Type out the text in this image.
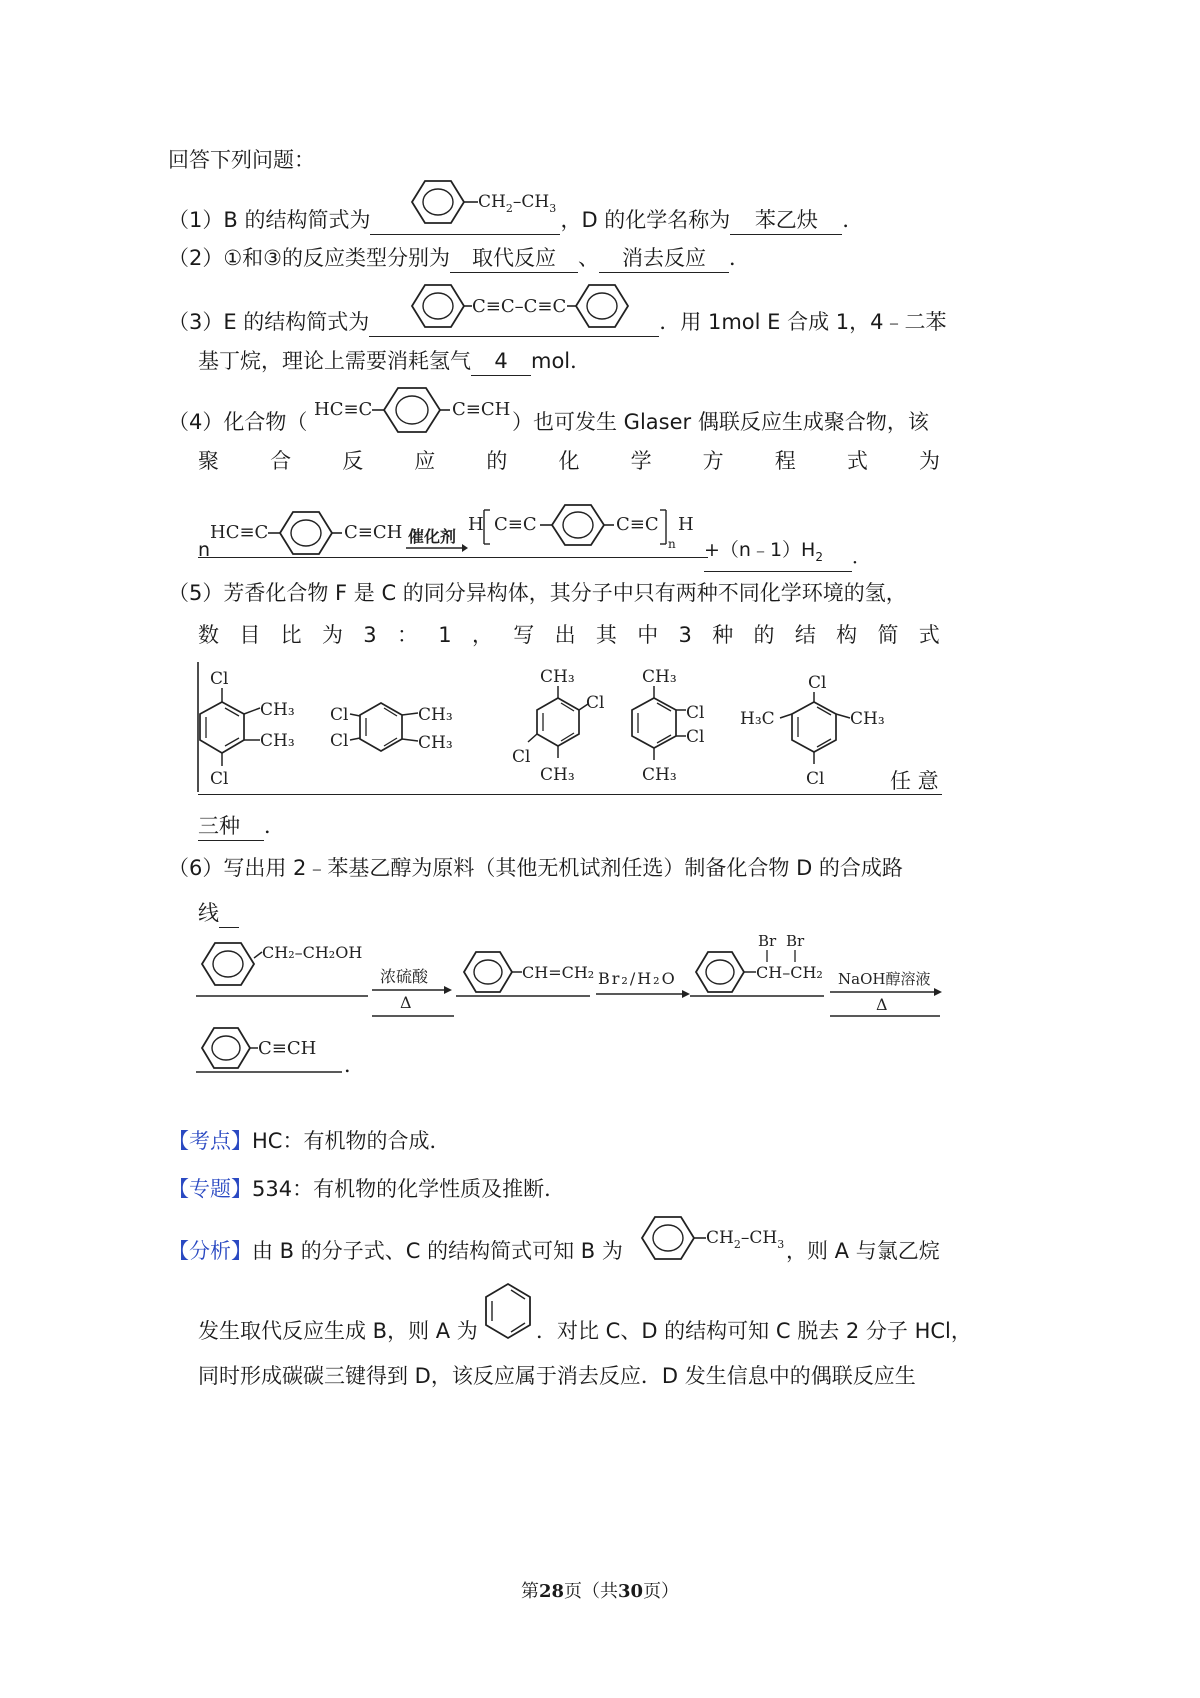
回答下列问题：
（1）B 的结构简式为	，D 的化学名称为 苯乙炔 ．
$CH_2-CH_3$
（2）①和③的反应类型分别为 取代反应 、 消去反应 ．
（3）E 的结构简式为	．用 1mol E 合成 1，4﹣二苯
C≡C–C≡C
基丁烷，理论上需要消耗氢气 4 mol．
（4）化合物（
HC≡C	C≡CH
）也可发生 Glaser 偶联反应生成聚合物，该
聚 合 反 应 的 化 学 方 程 式 为
n
HC≡C	C≡CH 催化剂
H C≡C	C≡C
n
H
$+(n﹣1)H_2$ ．
（5）芳香化合物 F 是 C 的同分异构体，其分子中只有两种不同化学环境的氢，
数 目 比 为 3 ： 1 ， 写 出 其 中 3 种 的 结 构 简 式
Cl
CH₃
CH₃
Cl
Cl
Cl
CH₃
CH₃
CH₃
Cl
Cl
CH₃
CH₃
Cl
Cl
CH₃
Cl
H₃C	CH₃
Cl	任 意
三种 ．
（6）写出用 2﹣苯基乙醇为原料（其他无机试剂任选）制备化合物 D 的合成路
线
CH₂–CH₂OH
浓硫酸
Δ
CH=CH₂ Br₂/H₂O
Br Br
CH–CH₂ NaOH醇溶液
Δ
C≡CH
．
【考点】HC：有机物的合成．
【专题】534：有机物的化学性质及推断．
【分析】由 B 的分子式、C 的结构简式可知 B 为
$CH_2-CH_3$ ，则 A 与氯乙烷
发生取代反应生成 B，则 A 为	．对比 C、D 的结构可知 C 脱去 2 分子 HCl，
同时形成碳碳三键得到 D，该反应属于消去反应．D 发生信息中的偶联反应生
第28页（共30页）
